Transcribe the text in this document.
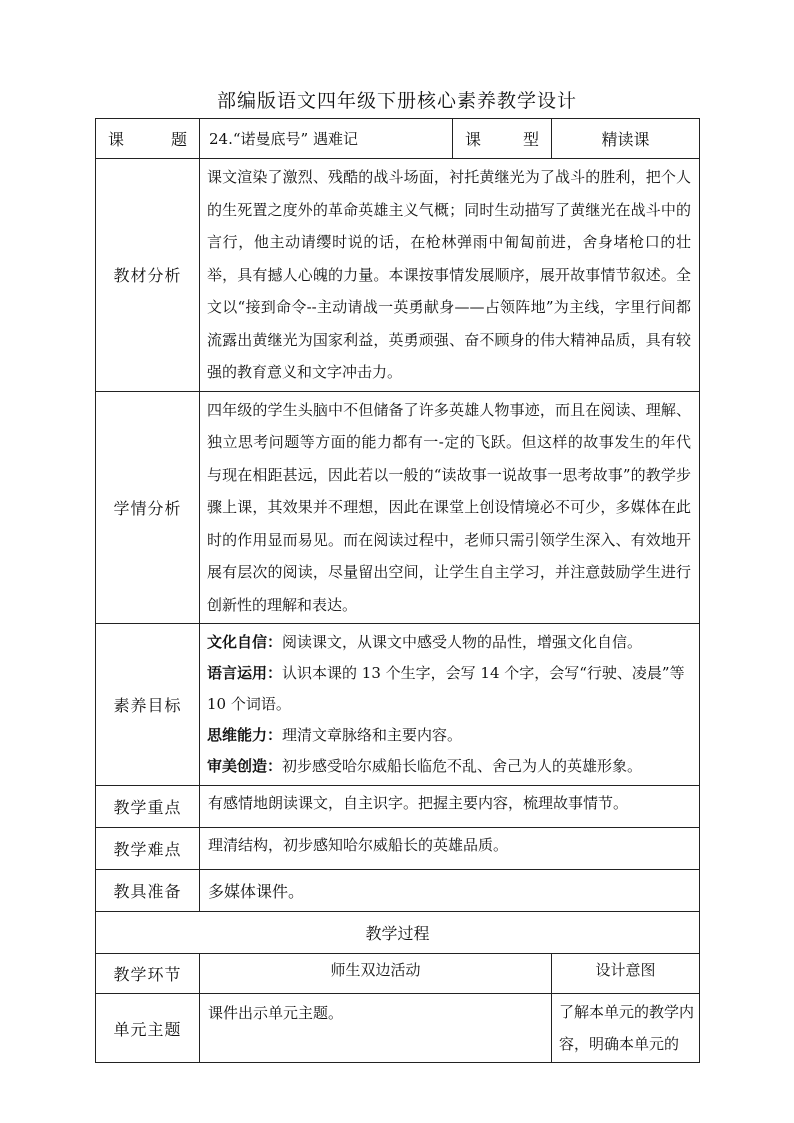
部编版语文四年级下册核心素养教学设计
课　题	24.“诺曼底号” 遇难记	课　型	精读课
教材分析	课文渲染了激烈、残酷的战斗场面，衬托黄继光为了战斗的胜利，把个人的生死置之度外的革命英雄主义气概；同时生动描写了黄继光在战斗中的言行，他主动请缨时说的话，在枪林弹雨中匍匐前进，舍身堵枪口的壮举，具有撼人心魄的力量。本课按事情发展顺序，展开故事情节叙述。全文以“接到命令--主动请战一英勇献身——占领阵地”为主线，字里行间都流露出黄继光为国家利益，英勇顽强、奋不顾身的伟大精神品质，具有较强的教育意义和文字冲击力。		
学情分析	四年级的学生头脑中不但储备了许多英雄人物事迹，而且在阅读、理解、独立思考问题等方面的能力都有一-定的飞跃。但这样的故事发生的年代与现在相距甚远，因此若以一般的“读故事一说故事一思考故事”的教学步骤上课，其效果并不理想，因此在课堂上创设情境必不可少，多媒体在此时的作用显而易见。而在阅读过程中，老师只需引领学生深入、有效地开展有层次的阅读，尽量留出空间，让学生自主学习，并注意鼓励学生进行创新性的理解和表达。		
素养目标	文化自信：阅读课文，从课文中感受人物的品性，增强文化自信。
语言运用：认识本课的 13 个生字，会写 14 个字，会写“行驶、凌晨”等 10 个词语。
思维能力：理清文章脉络和主要内容。
审美创造：初步感受哈尔威船长临危不乱、舍己为人的英雄形象。		

教学重点	有感情地朗读课文，自主识字。把握主要内容，梳理故事情节。		
教学难点	理清结构，初步感知哈尔威船长的英雄品质。		
教具准备	多媒体课件。		
教学过程			
教学环节	师生双边活动		设计意图
单元主题	课件出示单元主题。		了解本单元的教学内容，明确本单元的
